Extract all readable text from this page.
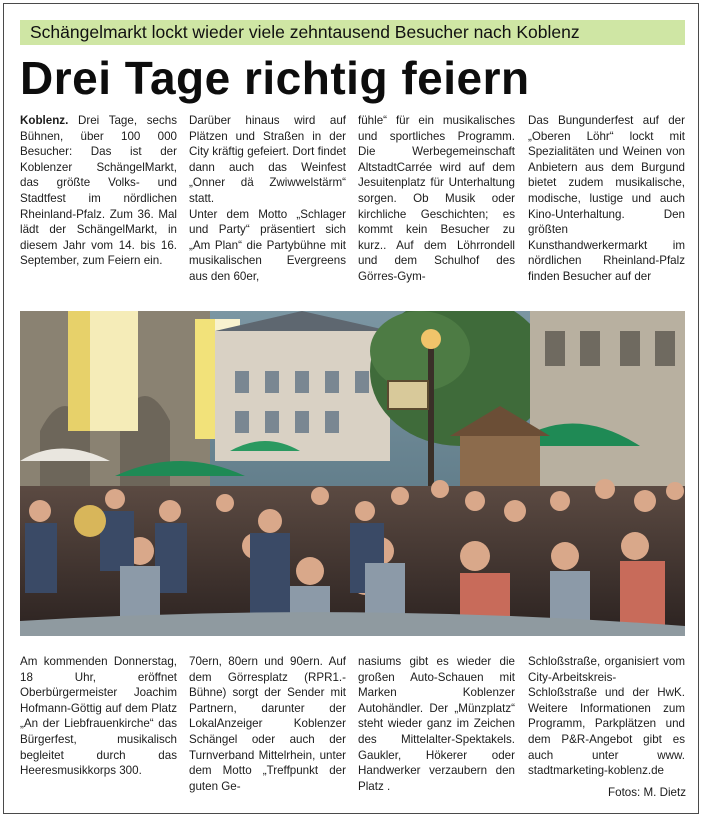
Schängelmarkt lockt wieder viele zehntausend Besucher nach Koblenz
Drei Tage richtig feiern

Koblenz. Drei Tage, sechs Bühnen, über 100 000 Besucher: Das ist der Koblenzer SchängelMarkt, das größte Volks- und Stadtfest im nördlichen Rheinland-Pfalz. Zum 36. Mal lädt der SchängelMarkt, in diesem Jahr vom 14. bis 16. September, zum Feiern ein.

Darüber hinaus wird auf Plätzen und Straßen in der City kräftig gefeiert. Dort findet dann auch das Weinfest „Onner dä Zwiwwelstärm“ statt.

Unter dem Motto „Schlager und Party“ präsentiert sich „Am Plan“ die Partybühne mit musikalischen Evergreens aus den 60er,

fühle“ für ein musikalisches und sportliches Programm. Die Werbegemeinschaft AltstadtCarrée wird auf dem Jesuitenplatz für Unterhaltung sorgen. Ob Musik oder kirchliche Geschichten; es kommt kein Besucher zu kurz.. Auf dem Löhrrondell und dem Schulhof des Görres-Gym-

Das Bungunderfest auf der „Oberen Löhr“ lockt mit Spezialitäten und Weinen von Anbietern aus dem Burgund bietet zudem musikalische, modische, lustige und auch Kino-Unterhaltung. Den größten Kunsthandwerkermarkt im nördlichen Rheinland-Pfalz finden Besucher auf der

Am kommenden Donnerstag, 18 Uhr, eröffnet Oberbürgermeister Joachim Hofmann-Göttig auf dem Platz „An der Liebfrauenkirche“ das Bürgerfest, musikalisch begleitet durch das Heeresmusikkorps 300.

70ern, 80ern und 90ern. Auf dem Görresplatz (RPR1.-Bühne) sorgt der Sender mit Partnern, darunter der LokalAnzeiger Koblenzer Schängel oder auch der Turnverband Mittelrhein, unter dem Motto „Treffpunkt der guten Ge-

nasiums gibt es wieder die großen Auto-Schauen mit Marken Koblenzer Autohändler. Der „Münzplatz“ steht wieder ganz im Zeichen des Mittelalter-Spektakels. Gaukler, Hökerer oder Handwerker verzaubern den Platz .

Schloßstraße, organisiert vom City-Arbeitskreis-Schloßstraße und der HwK. Weitere Informationen zum Programm, Parkplätzen und dem P&R-Angebot gibt es auch unter www. stadtmarketing-koblenz.de

Fotos: M. Dietz
